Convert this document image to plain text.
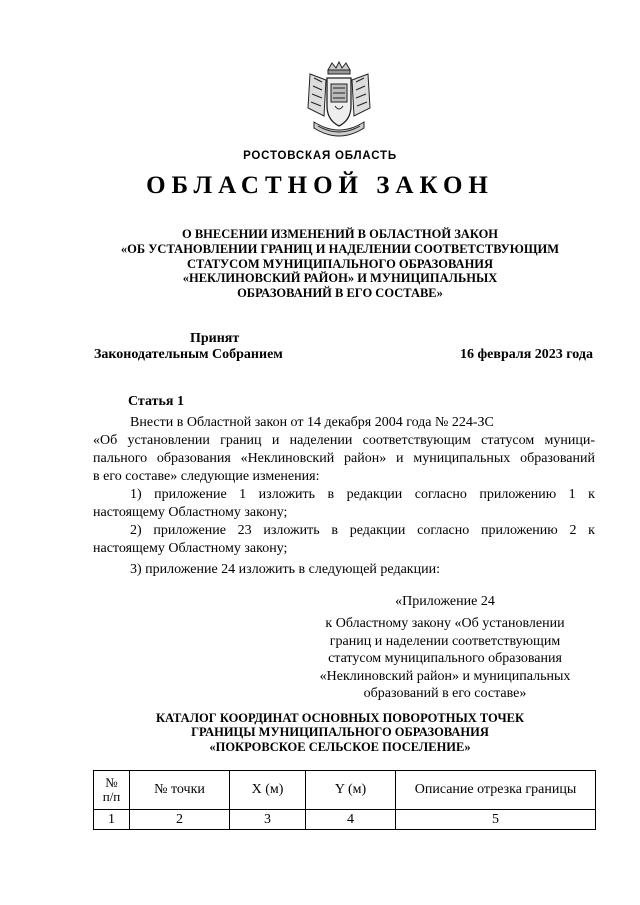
РОСТОВСКАЯ ОБЛАСТЬ
ОБЛАСТНОЙ ЗАКОН
О ВНЕСЕНИИ ИЗМЕНЕНИЙ В ОБЛАСТНОЙ ЗАКОН
«ОБ УСТАНОВЛЕНИИ ГРАНИЦ И НАДЕЛЕНИИ СООТВЕТСТВУЮЩИМ
СТАТУСОМ МУНИЦИПАЛЬНОГО ОБРАЗОВАНИЯ
«НЕКЛИНОВСКИЙ РАЙОН» И МУНИЦИПАЛЬНЫХ
ОБРАЗОВАНИЙ В ЕГО СОСТАВЕ»
Принят
Законодательным Собранием	16 февраля 2023 года
Статья 1
Внести в Областной закон от 14 декабря 2004 года № 224-ЗС
«Об установлении границ и наделении соответствующим статусом муници-
пального образования «Неклиновский район» и муниципальных образований
в его составе» следующие изменения:
1) приложение 1 изложить в редакции согласно приложению 1 к
настоящему Областному закону;
2) приложение 23 изложить в редакции согласно приложению 2 к
настоящему Областному закону;
3) приложение 24 изложить в следующей редакции:
«Приложение 24
к Областному закону «Об установлении
границ и наделении соответствующим
статусом муниципального образования
«Неклиновский район» и муниципальных
образований в его составе»
КАТАЛОГ КООРДИНАТ ОСНОВНЫХ ПОВОРОТНЫХ ТОЧЕК
ГРАНИЦЫ МУНИЦИПАЛЬНОГО ОБРАЗОВАНИЯ
«ПОКРОВСКОЕ СЕЛЬСКОЕ ПОСЕЛЕНИЕ»
№
п/п	№ точки	X (м)	Y (м)	Описание отрезка границы
1	2	3	4	5
